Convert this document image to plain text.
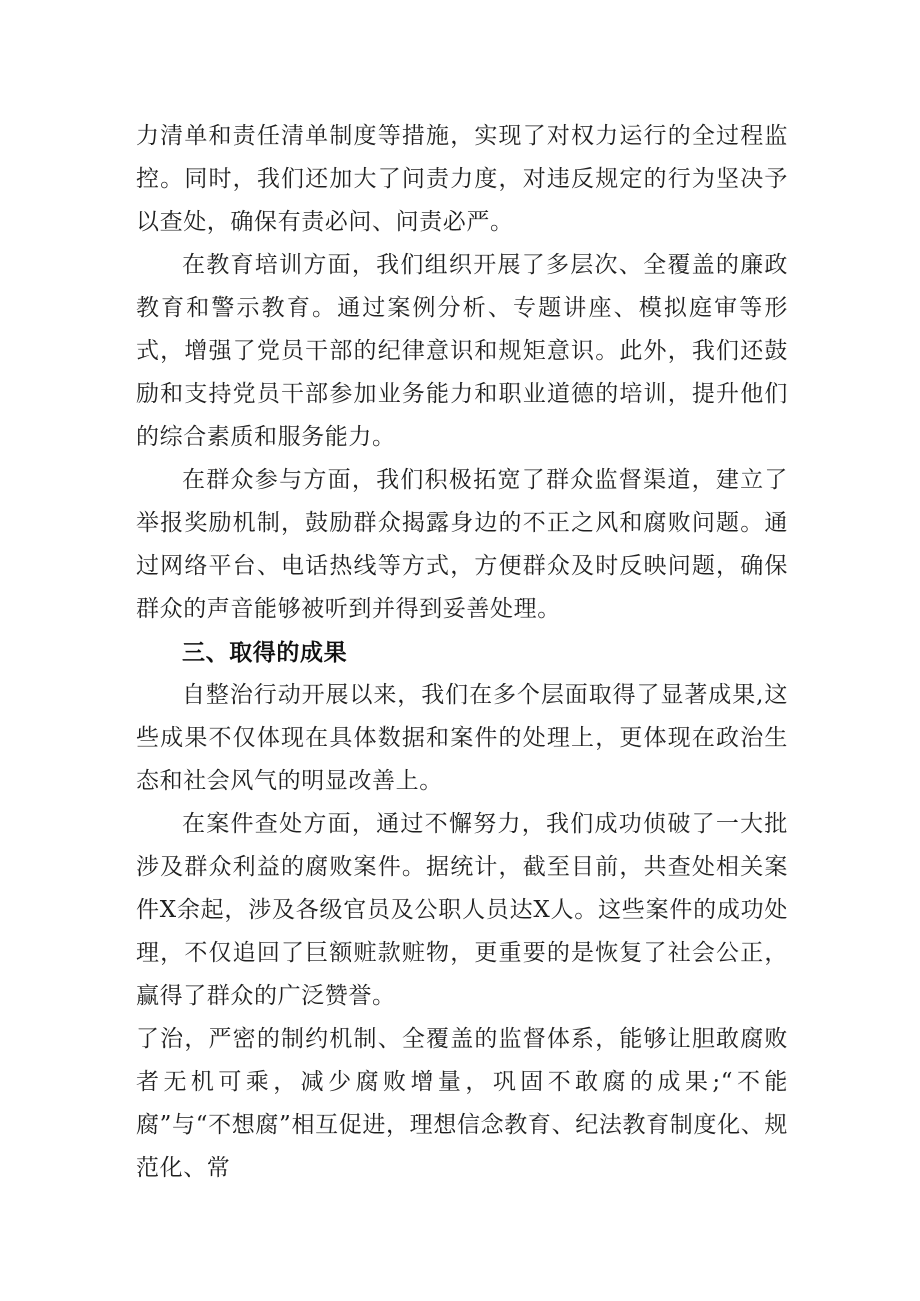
力清单和责任清单制度等措施，实现了对权力运行的全过程监控。同时，我们还加大了问责力度，对违反规定的行为坚决予以查处，确保有责必问、问责必严。

在教育培训方面，我们组织开展了多层次、全覆盖的廉政教育和警示教育。通过案例分析、专题讲座、模拟庭审等形式，增强了党员干部的纪律意识和规矩意识。此外，我们还鼓励和支持党员干部参加业务能力和职业道德的培训，提升他们的综合素质和服务能力。

在群众参与方面，我们积极拓宽了群众监督渠道，建立了举报奖励机制，鼓励群众揭露身边的不正之风和腐败问题。通过网络平台、电话热线等方式，方便群众及时反映问题，确保群众的声音能够被听到并得到妥善处理。

三、取得的成果

自整治行动开展以来，我们在多个层面取得了显著成果,这些成果不仅体现在具体数据和案件的处理上，更体现在政治生态和社会风气的明显改善上。

在案件查处方面，通过不懈努力，我们成功侦破了一大批涉及群众利益的腐败案件。据统计，截至目前，共查处相关案件X余起，涉及各级官员及公职人员达X人。这些案件的成功处理，不仅追回了巨额赃款赃物，更重要的是恢复了社会公正，赢得了群众的广泛赞誉。

了治，严密的制约机制、全覆盖的监督体系，能够让胆敢腐败者无机可乘，减少腐败增量，巩固不敢腐的成果;“不能腐”与“不想腐”相互促进，理想信念教育、纪法教育制度化、规范化、常
